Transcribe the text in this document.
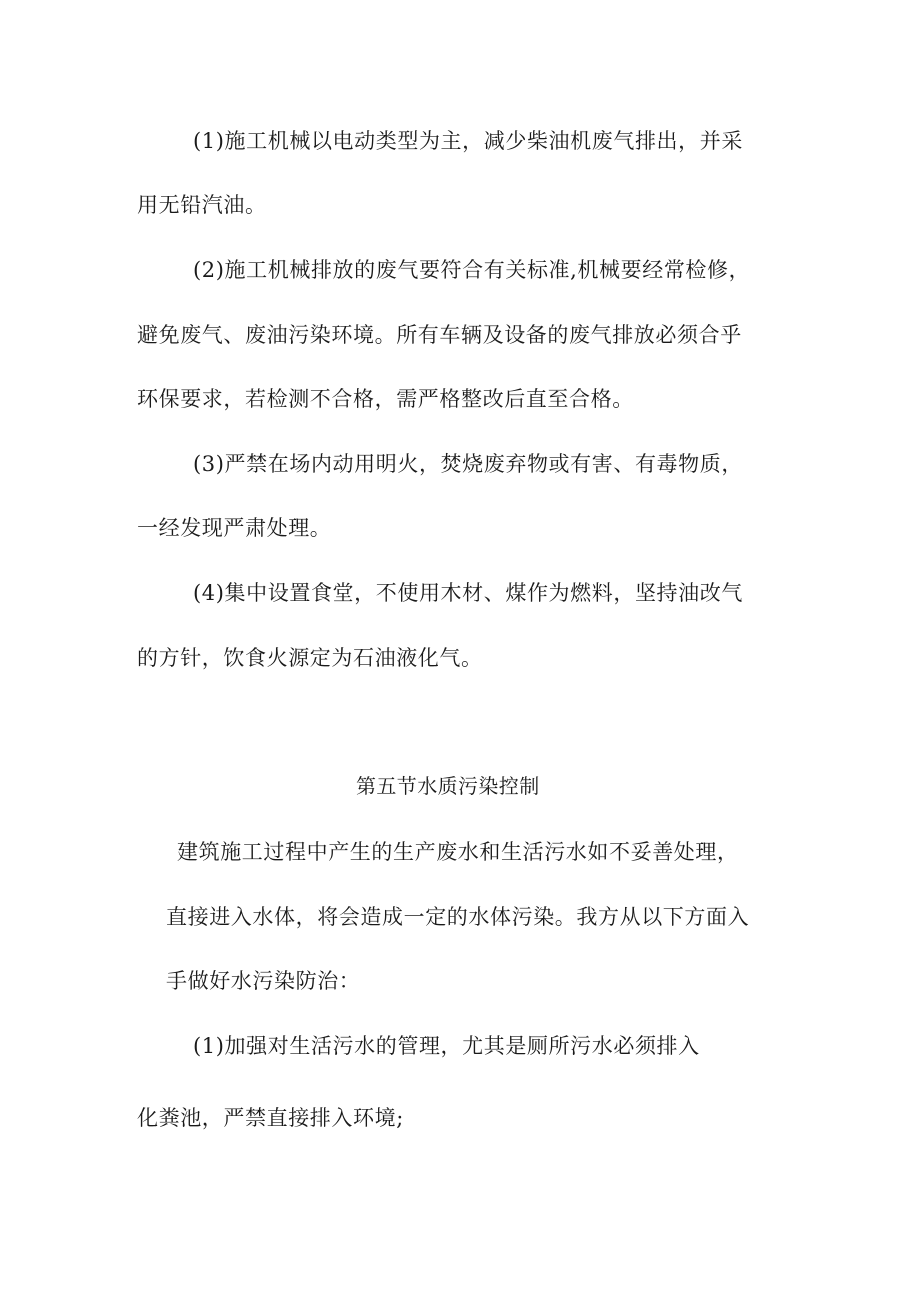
(1)施工机械以电动类型为主，减少柴油机废气排出，并采
用无铅汽油。
(2)施工机械排放的废气要符合有关标准,机械要经常检修，
避免废气、废油污染环境。所有车辆及设备的废气排放必须合乎
环保要求，若检测不合格，需严格整改后直至合格。
(3)严禁在场内动用明火，焚烧废弃物或有害、有毒物质，
一经发现严肃处理。
(4)集中设置食堂，不使用木材、煤作为燃料，坚持油改气
的方针，饮食火源定为石油液化气。
第五节水质污染控制
建筑施工过程中产生的生产废水和生活污水如不妥善处理，
直接进入水体，将会造成一定的水体污染。我方从以下方面入
手做好水污染防治：
(1)加强对生活污水的管理，尤其是厕所污水必须排入
化粪池，严禁直接排入环境;
